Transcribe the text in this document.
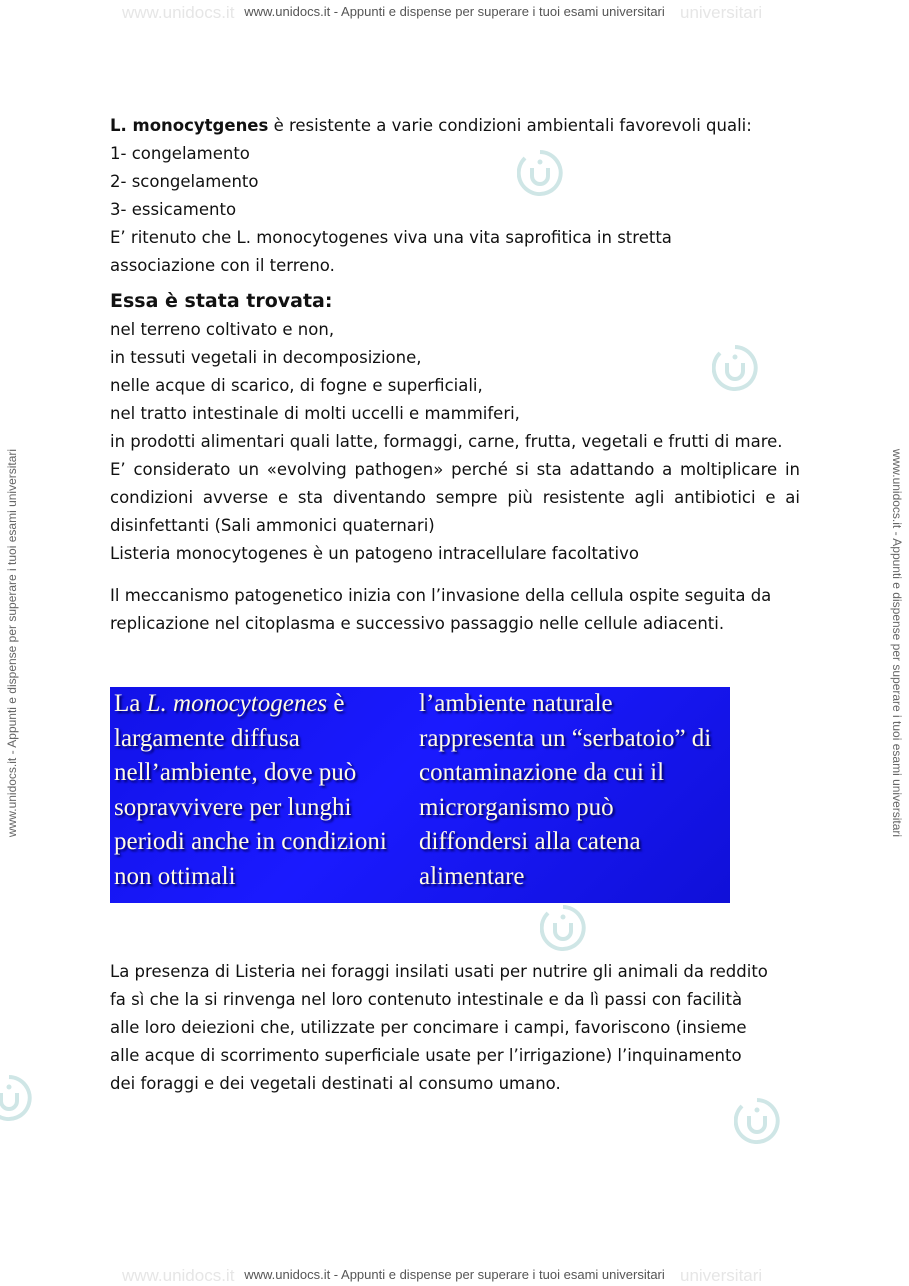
www.unidocs.it	universitari
www.unidocs.it - Appunti e dispense per superare i tuoi esami universitari
www.unidocs.it	universitari
www.unidocs.it - Appunti e dispense per superare i tuoi esami universitari
www.unidocs.it - Appunti e dispense per superare i tuoi esami universitari	www.unidocs.it - Appunti e dispense per superare i tuoi esami universitari
L. monocytgenes è resistente a varie condizioni ambientali favorevoli quali:
1- congelamento
2- scongelamento
3- essicamento
E’ ritenuto che L. monocytogenes viva una vita saprofitica in stretta
associazione con il terreno.
Essa è stata trovata:
nel terreno coltivato e non,
in tessuti vegetali in decomposizione,
nelle acque di scarico, di fogne e superficiali,
nel tratto intestinale di molti uccelli e mammiferi,
in prodotti alimentari quali latte, formaggi, carne, frutta, vegetali e frutti di mare.
E’ considerato un «evolving pathogen» perché si sta adattando a moltiplicare in condizioni avverse e sta diventando sempre più resistente agli antibiotici e ai disinfettanti (Sali ammonici quaternari)
Listeria monocytogenes è un patogeno intracellulare facoltativo
Il meccanismo patogenetico inizia con l’invasione della cellula ospite seguita da
replicazione nel citoplasma e successivo passaggio nelle cellule adiacenti.
La L. monocytogenes è
largamente diffusa
nell’ambiente, dove può
sopravvivere per lunghi
periodi anche in condizioni
non ottimali
l’ambiente naturale
rappresenta un “serbatoio” di
contaminazione da cui il
microrganismo può
diffondersi alla catena
alimentare
La presenza di Listeria nei foraggi insilati usati per nutrire gli animali da reddito
fa sì che la si rinvenga nel loro contenuto intestinale e da lì passi con facilità
alle loro deiezioni che, utilizzate per concimare i campi, favoriscono (insieme
alle acque di scorrimento superficiale usate per l’irrigazione) l’inquinamento
dei foraggi e dei vegetali destinati al consumo umano.
